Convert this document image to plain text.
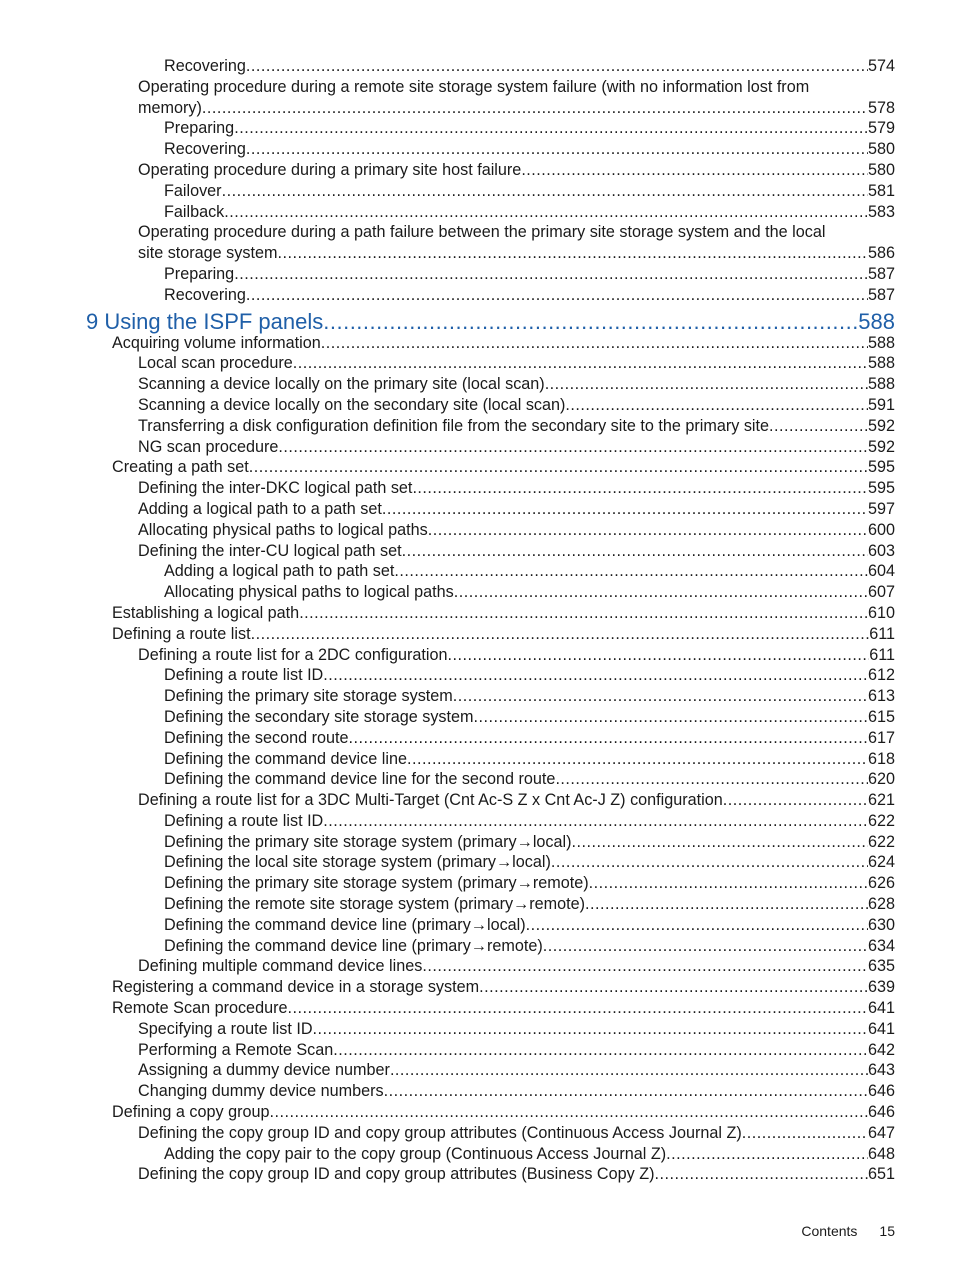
Recovering .....	574
Operating procedure during a remote site storage system failure (with no information lost from
memory) .....	578
Preparing .....	579
Recovering .....	580
Operating procedure during a primary site host failure .....	580
Failover .....	581
Failback .....	583
Operating procedure during a path failure between the primary site storage system and the local
site storage system .....	586
Preparing .....	587
Recovering .....	587
9 Using the ISPF panels .....	588
Acquiring volume information .....	588
Local scan procedure .....	588
Scanning a device locally on the primary site (local scan) .....	588
Scanning a device locally on the secondary site (local scan) .....	591
Transferring a disk configuration definition file from the secondary site to the primary site .....	592
NG scan procedure .....	592
Creating a path set .....	595
Defining the inter-DKC logical path set .....	595
Adding a logical path to a path set .....	597
Allocating physical paths to logical paths .....	600
Defining the inter-CU logical path set .....	603
Adding a logical path to path set .....	604
Allocating physical paths to logical paths .....	607
Establishing a logical path .....	610
Defining a route list .....	611
Defining a route list for a 2DC configuration .....	611
Defining a route list ID .....	612
Defining the primary site storage system .....	613
Defining the secondary site storage system .....	615
Defining the second route .....	617
Defining the command device line .....	618
Defining the command device line for the second route .....	620
Defining a route list for a 3DC Multi-Target (Cnt Ac-S Z x Cnt Ac-J Z) configuration .....	621
Defining a route list ID .....	622
Defining the primary site storage system (primary→local) .....	622
Defining the local site storage system (primary→local) .....	624
Defining the primary site storage system (primary→remote) .....	626
Defining the remote site storage system (primary→remote) .....	628
Defining the command device line (primary→local) .....	630
Defining the command device line (primary→remote) .....	634
Defining multiple command device lines .....	635
Registering a command device in a storage system .....	639
Remote Scan procedure .....	641
Specifying a route list ID .....	641
Performing a Remote Scan .....	642
Assigning a dummy device number .....	643
Changing dummy device numbers .....	646
Defining a copy group .....	646
Defining the copy group ID and copy group attributes (Continuous Access Journal Z) .....	647
Adding the copy pair to the copy group (Continuous Access Journal Z) .....	648
Defining the copy group ID and copy group attributes (Business Copy Z) .....	651
Contents 15
